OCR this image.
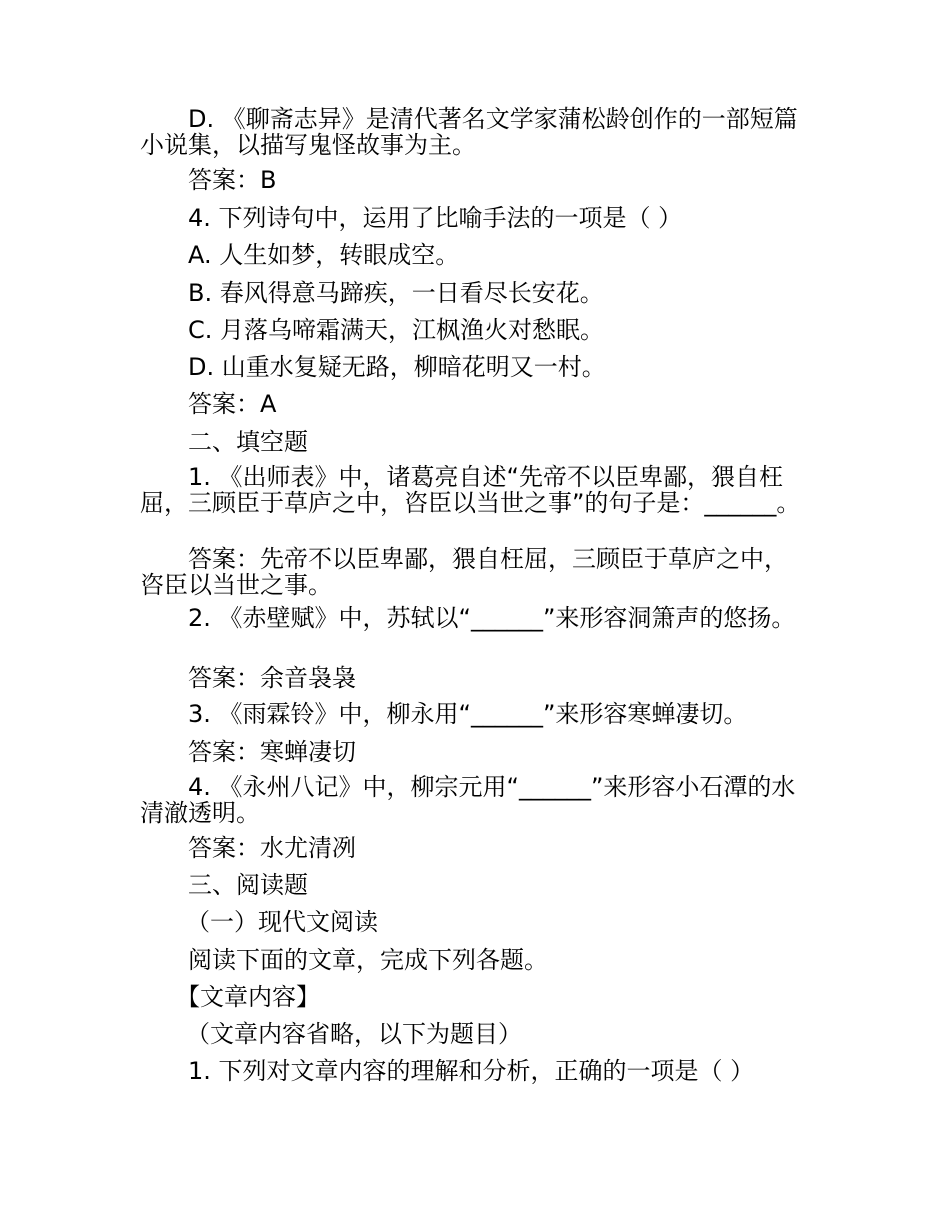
D. 《聊斋志异》是清代著名文学家蒲松龄创作的一部短篇小说集，以描写鬼怪故事为主。

答案：B

4. 下列诗句中，运用了比喻手法的一项是（ ）

A. 人生如梦，转眼成空。

B. 春风得意马蹄疾，一日看尽长安花。

C. 月落乌啼霜满天，江枫渔火对愁眠。

D. 山重水复疑无路，柳暗花明又一村。

答案：A

二、填空题

1. 《出师表》中，诸葛亮自述“先帝不以臣卑鄙，猥自枉屈，三顾臣于草庐之中，咨臣以当世之事”的句子是：______。

答案：先帝不以臣卑鄙，猥自枉屈，三顾臣于草庐之中，咨臣以当世之事。

2. 《赤壁赋》中，苏轼以“______”来形容洞箫声的悠扬。

答案：余音袅袅

3. 《雨霖铃》中，柳永用“______”来形容寒蝉凄切。

答案：寒蝉凄切

4. 《永州八记》中，柳宗元用“______”来形容小石潭的水清澈透明。

答案：水尤清冽

三、阅读题

（一）现代文阅读

阅读下面的文章，完成下列各题。

【文章内容】

（文章内容省略，以下为题目）

1. 下列对文章内容的理解和分析，正确的一项是（ ）
